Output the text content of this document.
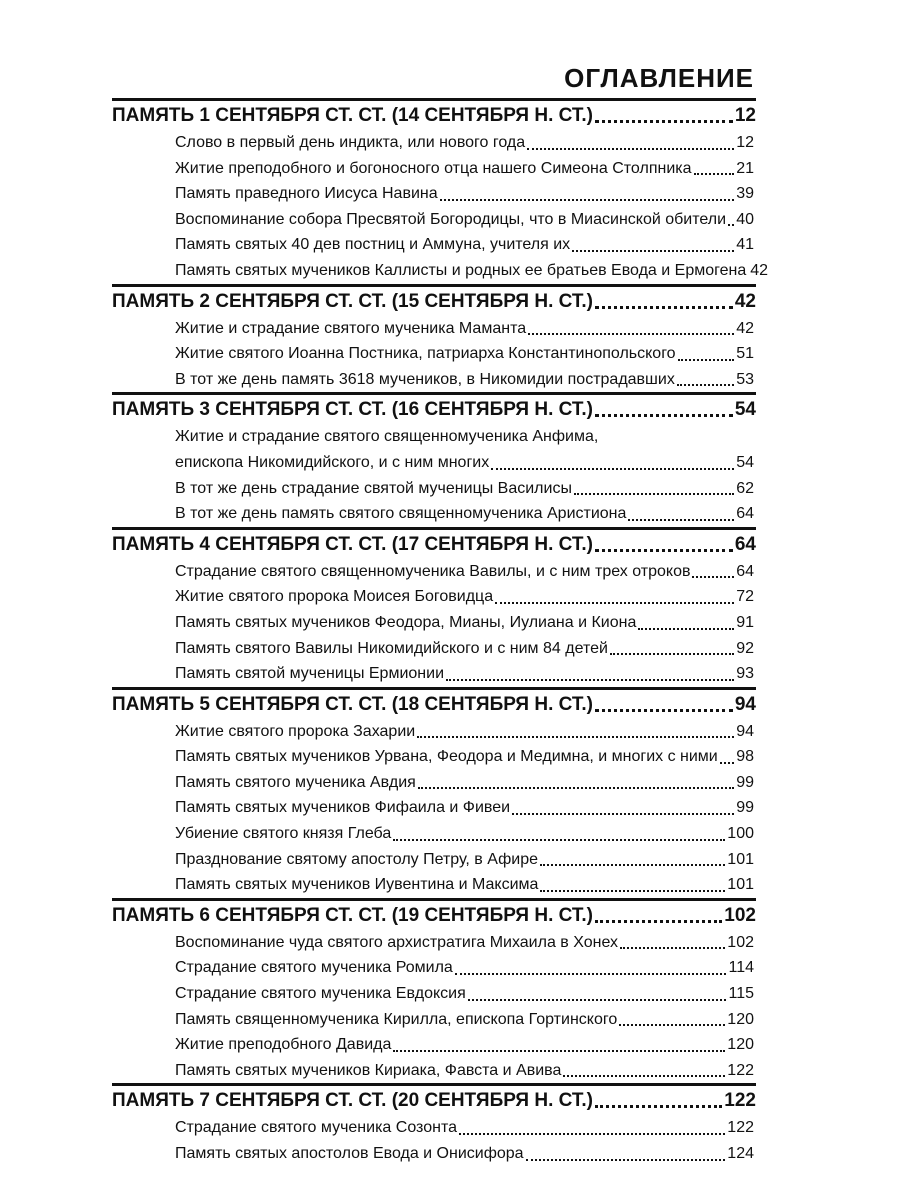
ОГЛАВЛЕНИЕ
ПАМЯТЬ 1 СЕНТЯБРЯ СТ. СТ. (14 СЕНТЯБРЯ Н. СТ.)	12
Слово в первый день индикта, или нового года	12
Житие преподобного и богоносного отца нашего Симеона Столпника	21
Память праведного Иисуса Навина	39
Воспоминание собора Пресвятой Богородицы, что в Миасинской обители 40
Память святых 40 дев постниц и Аммуна, учителя их	41
Память святых мучеников Каллисты и родных ее братьев Евода и Ермогена 42
ПАМЯТЬ 2 СЕНТЯБРЯ СТ. СТ. (15 СЕНТЯБРЯ Н. СТ.)	42
Житие и страдание святого мученика Маманта	42
Житие святого Иоанна Постника, патриарха Константинопольского	51
В тот же день память 3618 мучеников, в Никомидии пострадавших	53
ПАМЯТЬ 3 СЕНТЯБРЯ СТ. СТ. (16 СЕНТЯБРЯ Н. СТ.)	54
Житие и страдание святого священномученика Анфима,
епископа Никомидийского, и с ним многих	54
В тот же день страдание святой мученицы Василисы	62
В тот же день память святого священномученика Аристиона	64
ПАМЯТЬ 4 СЕНТЯБРЯ СТ. СТ. (17 СЕНТЯБРЯ Н. СТ.)	64
Страдание святого священномученика Вавилы, и с ним трех отроков	64
Житие святого пророка Моисея Боговидца	72
Память святых мучеников Феодора, Мианы, Иулиана и Киона	91
Память святого Вавилы Никомидийского и с ним 84 детей	92
Память святой мученицы Ермионии	93
ПАМЯТЬ 5 СЕНТЯБРЯ СТ. СТ. (18 СЕНТЯБРЯ Н. СТ.)	94
Житие святого пророка Захарии	94
Память святых мучеников Урвана, Феодора и Медимна, и многих с ними 98
Память святого мученика Авдия	99
Память святых мучеников Фифаила и Фивеи	99
Убиение святого князя Глеба	100
Празднование святому апостолу Петру, в Афире	101
Память святых мучеников Иувентина и Максима	101
ПАМЯТЬ 6 СЕНТЯБРЯ СТ. СТ. (19 СЕНТЯБРЯ Н. СТ.)	102
Воспоминание чуда святого архистратига Михаила в Хонех	102
Страдание святого мученика Ромила	114
Страдание святого мученика Евдоксия	115
Память священномученика Кирилла, епископа Гортинского	120
Житие преподобного Давида	120
Память святых мучеников Кириака, Фавста и Авива	122
ПАМЯТЬ 7 СЕНТЯБРЯ СТ. СТ. (20 СЕНТЯБРЯ Н. СТ.)	122
Страдание святого мученика Созонта	122
Память святых апостолов Евода и Онисифора	124
